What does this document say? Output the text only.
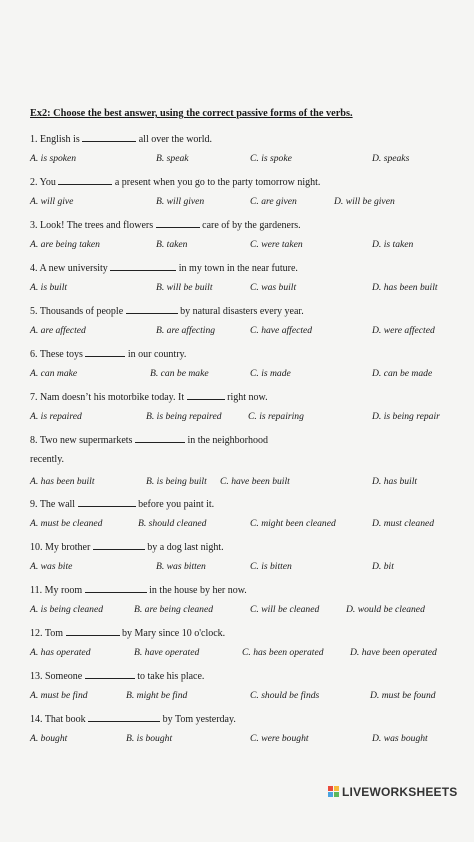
Ex2: Choose the best answer, using the correct passive forms of the verbs.
1. English is	all over the world.
A. is spoken	B. speak	C. is spoke	D. speaks
2. You	a present when you go to the party tomorrow night.
A. will give	B. will given	C. are given	D. will be given
3. Look! The trees and flowers	care of by the gardeners.
A. are being taken	B. taken	C. were taken	D. is taken
4. A new university	in my town in the near future.
A. is built	B. will be built	C. was built	D. has been built
5. Thousands of people	by natural disasters every year.
A. are affected	B. are affecting	C. have affected	D. were affected
6. These toys	in our country.
A. can make	B. can be make	C. is made	D. can be made
7. Nam doesn’t his motorbike today. It	right now.
A. is repaired	B. is being repaired	C. is repairing	D. is being repair
8. Two new supermarkets	in the neighborhood
recently.
A. has been built	B. is being built C. have been built	D. has built
9. The wall	before you paint it.
A. must be cleaned	B. should cleaned	C. might been cleaned	D. must cleaned
10. My brother	by a dog last night.
A. was bite	B. was bitten	C. is bitten	D. bit
11. My room	in the house by her now.
A. is being cleaned	B. are being cleaned	C. will be cleaned	D. would be cleaned
12. Tom	by Mary since 10 o'clock.
A. has operated	B. have operated	C. has been operated	D. have been operated
13. Someone	to take his place.
A. must be find	B. might be find	C. should be finds	D. must be found
14. That book	by Tom yesterday.
A. bought	B. is bought	C. were bought	D. was bought
LIVEWORKSHEETS
